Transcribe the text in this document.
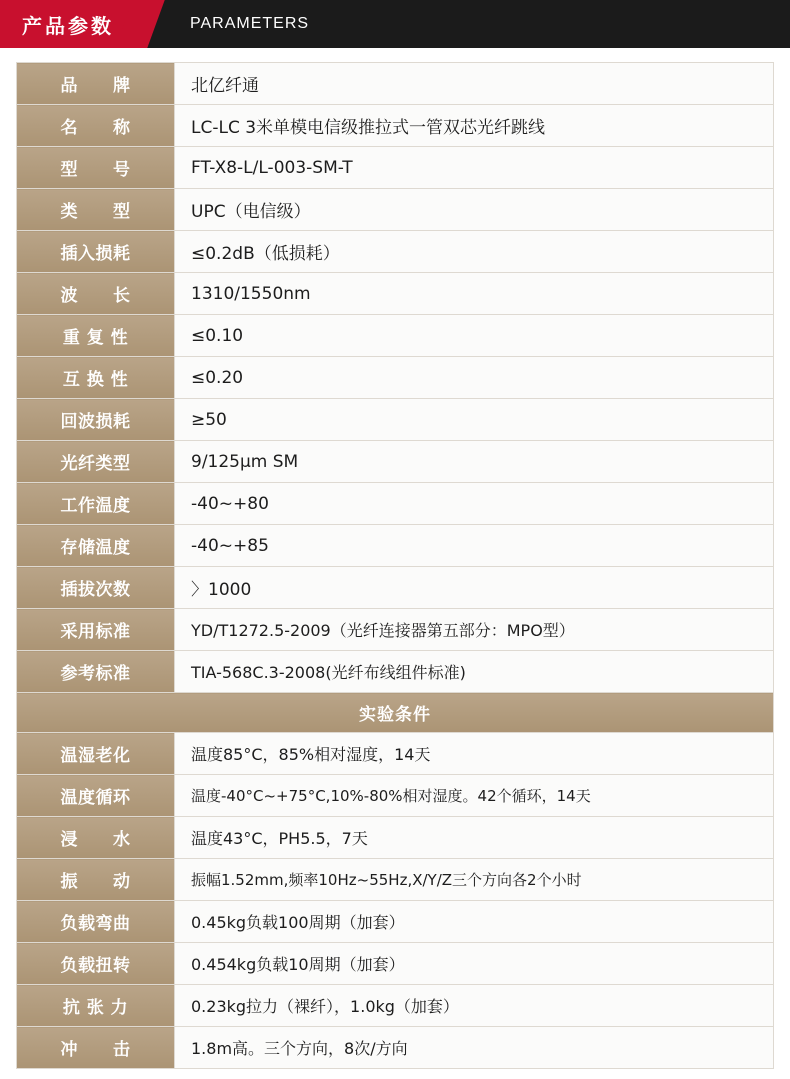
产品参数	PARAMETERS
品　　牌	北亿纤通
名　　称	LC-LC 3米单模电信级推拉式一管双芯光纤跳线
型　　号	FT-X8-L/L-003-SM-T
类　　型	UPC（电信级）
插入损耗	≤0.2dB（低损耗）
波　　长	1310/1550nm
重 复 性	≤0.10
互 换 性	≤0.20
回波损耗	≥50
光纤类型	9/125μm SM
工作温度	-40~+80
存储温度	-40~+85
插拔次数	〉1000
采用标准	YD/T1272.5-2009（光纤连接器第五部分：MPO型）
参考标准	TIA-568C.3-2008(光纤布线组件标准)
实验条件	
温湿老化	温度85°C，85%相对湿度，14天
温度循环	温度-40°C~+75°C,10%-80%相对湿度。42个循环，14天
浸　　水	温度43°C，PH5.5，7天
振　　动	振幅1.52mm,频率10Hz~55Hz,X/Y/Z三个方向各2个小时
负载弯曲	0.45kg负载100周期（加套）
负载扭转	0.454kg负载10周期（加套）
抗 张 力	0.23kg拉力（裸纤），1.0kg（加套）
冲　　击	1.8m高。三个方向，8次/方向
